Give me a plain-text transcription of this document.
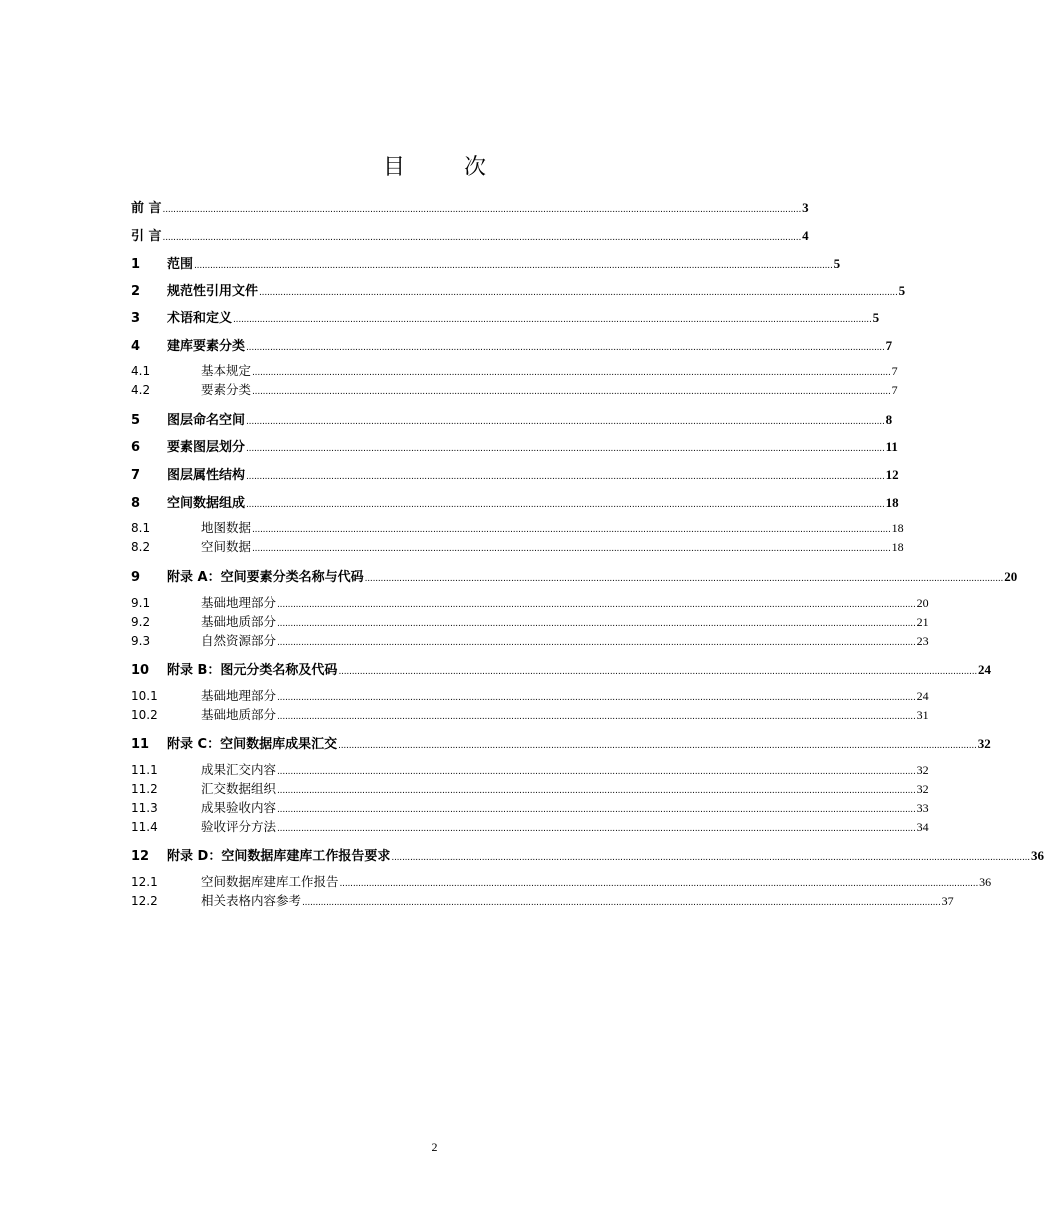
目 次
前 言 ................................................................................................................................................................................................................................................ 3
引 言 ................................................................................................................................................................................................................................................ 4
1	范围 ................................................................................................................................................................................................................................................ 5
2	规范性引用文件 ................................................................................................................................................................................................................................................ 5
3	术语和定义 ................................................................................................................................................................................................................................................ 5
4	建库要素分类 ................................................................................................................................................................................................................................................ 7
4.1	基本规定 ................................................................................................................................................................................................................................................ 7
4.2	要素分类 ................................................................................................................................................................................................................................................ 7
5	图层命名空间 ................................................................................................................................................................................................................................................ 8
6	要素图层划分 ................................................................................................................................................................................................................................................ 11
7	图层属性结构 ................................................................................................................................................................................................................................................ 12
8	空间数据组成 ................................................................................................................................................................................................................................................ 18
8.1	地图数据 ................................................................................................................................................................................................................................................ 18
8.2	空间数据 ................................................................................................................................................................................................................................................ 18
9	附录 A：空间要素分类名称与代码 ................................................................................................................................................................................................................................................ 20
9.1	基础地理部分 ................................................................................................................................................................................................................................................ 20
9.2	基础地质部分 ................................................................................................................................................................................................................................................ 21
9.3	自然资源部分 ................................................................................................................................................................................................................................................ 23
10	附录 B：图元分类名称及代码 ................................................................................................................................................................................................................................................ 24
10.1	基础地理部分 ................................................................................................................................................................................................................................................ 24
10.2	基础地质部分 ................................................................................................................................................................................................................................................ 31
11	附录 C：空间数据库成果汇交 ................................................................................................................................................................................................................................................ 32
11.1	成果汇交内容 ................................................................................................................................................................................................................................................ 32
11.2	汇交数据组织 ................................................................................................................................................................................................................................................ 32
11.3	成果验收内容 ................................................................................................................................................................................................................................................ 33
11.4	验收评分方法 ................................................................................................................................................................................................................................................ 34
12	附录 D：空间数据库建库工作报告要求 ................................................................................................................................................................................................................................................ 36
12.1	空间数据库建库工作报告 ................................................................................................................................................................................................................................................ 36
12.2	相关表格内容参考 ................................................................................................................................................................................................................................................ 37
2
